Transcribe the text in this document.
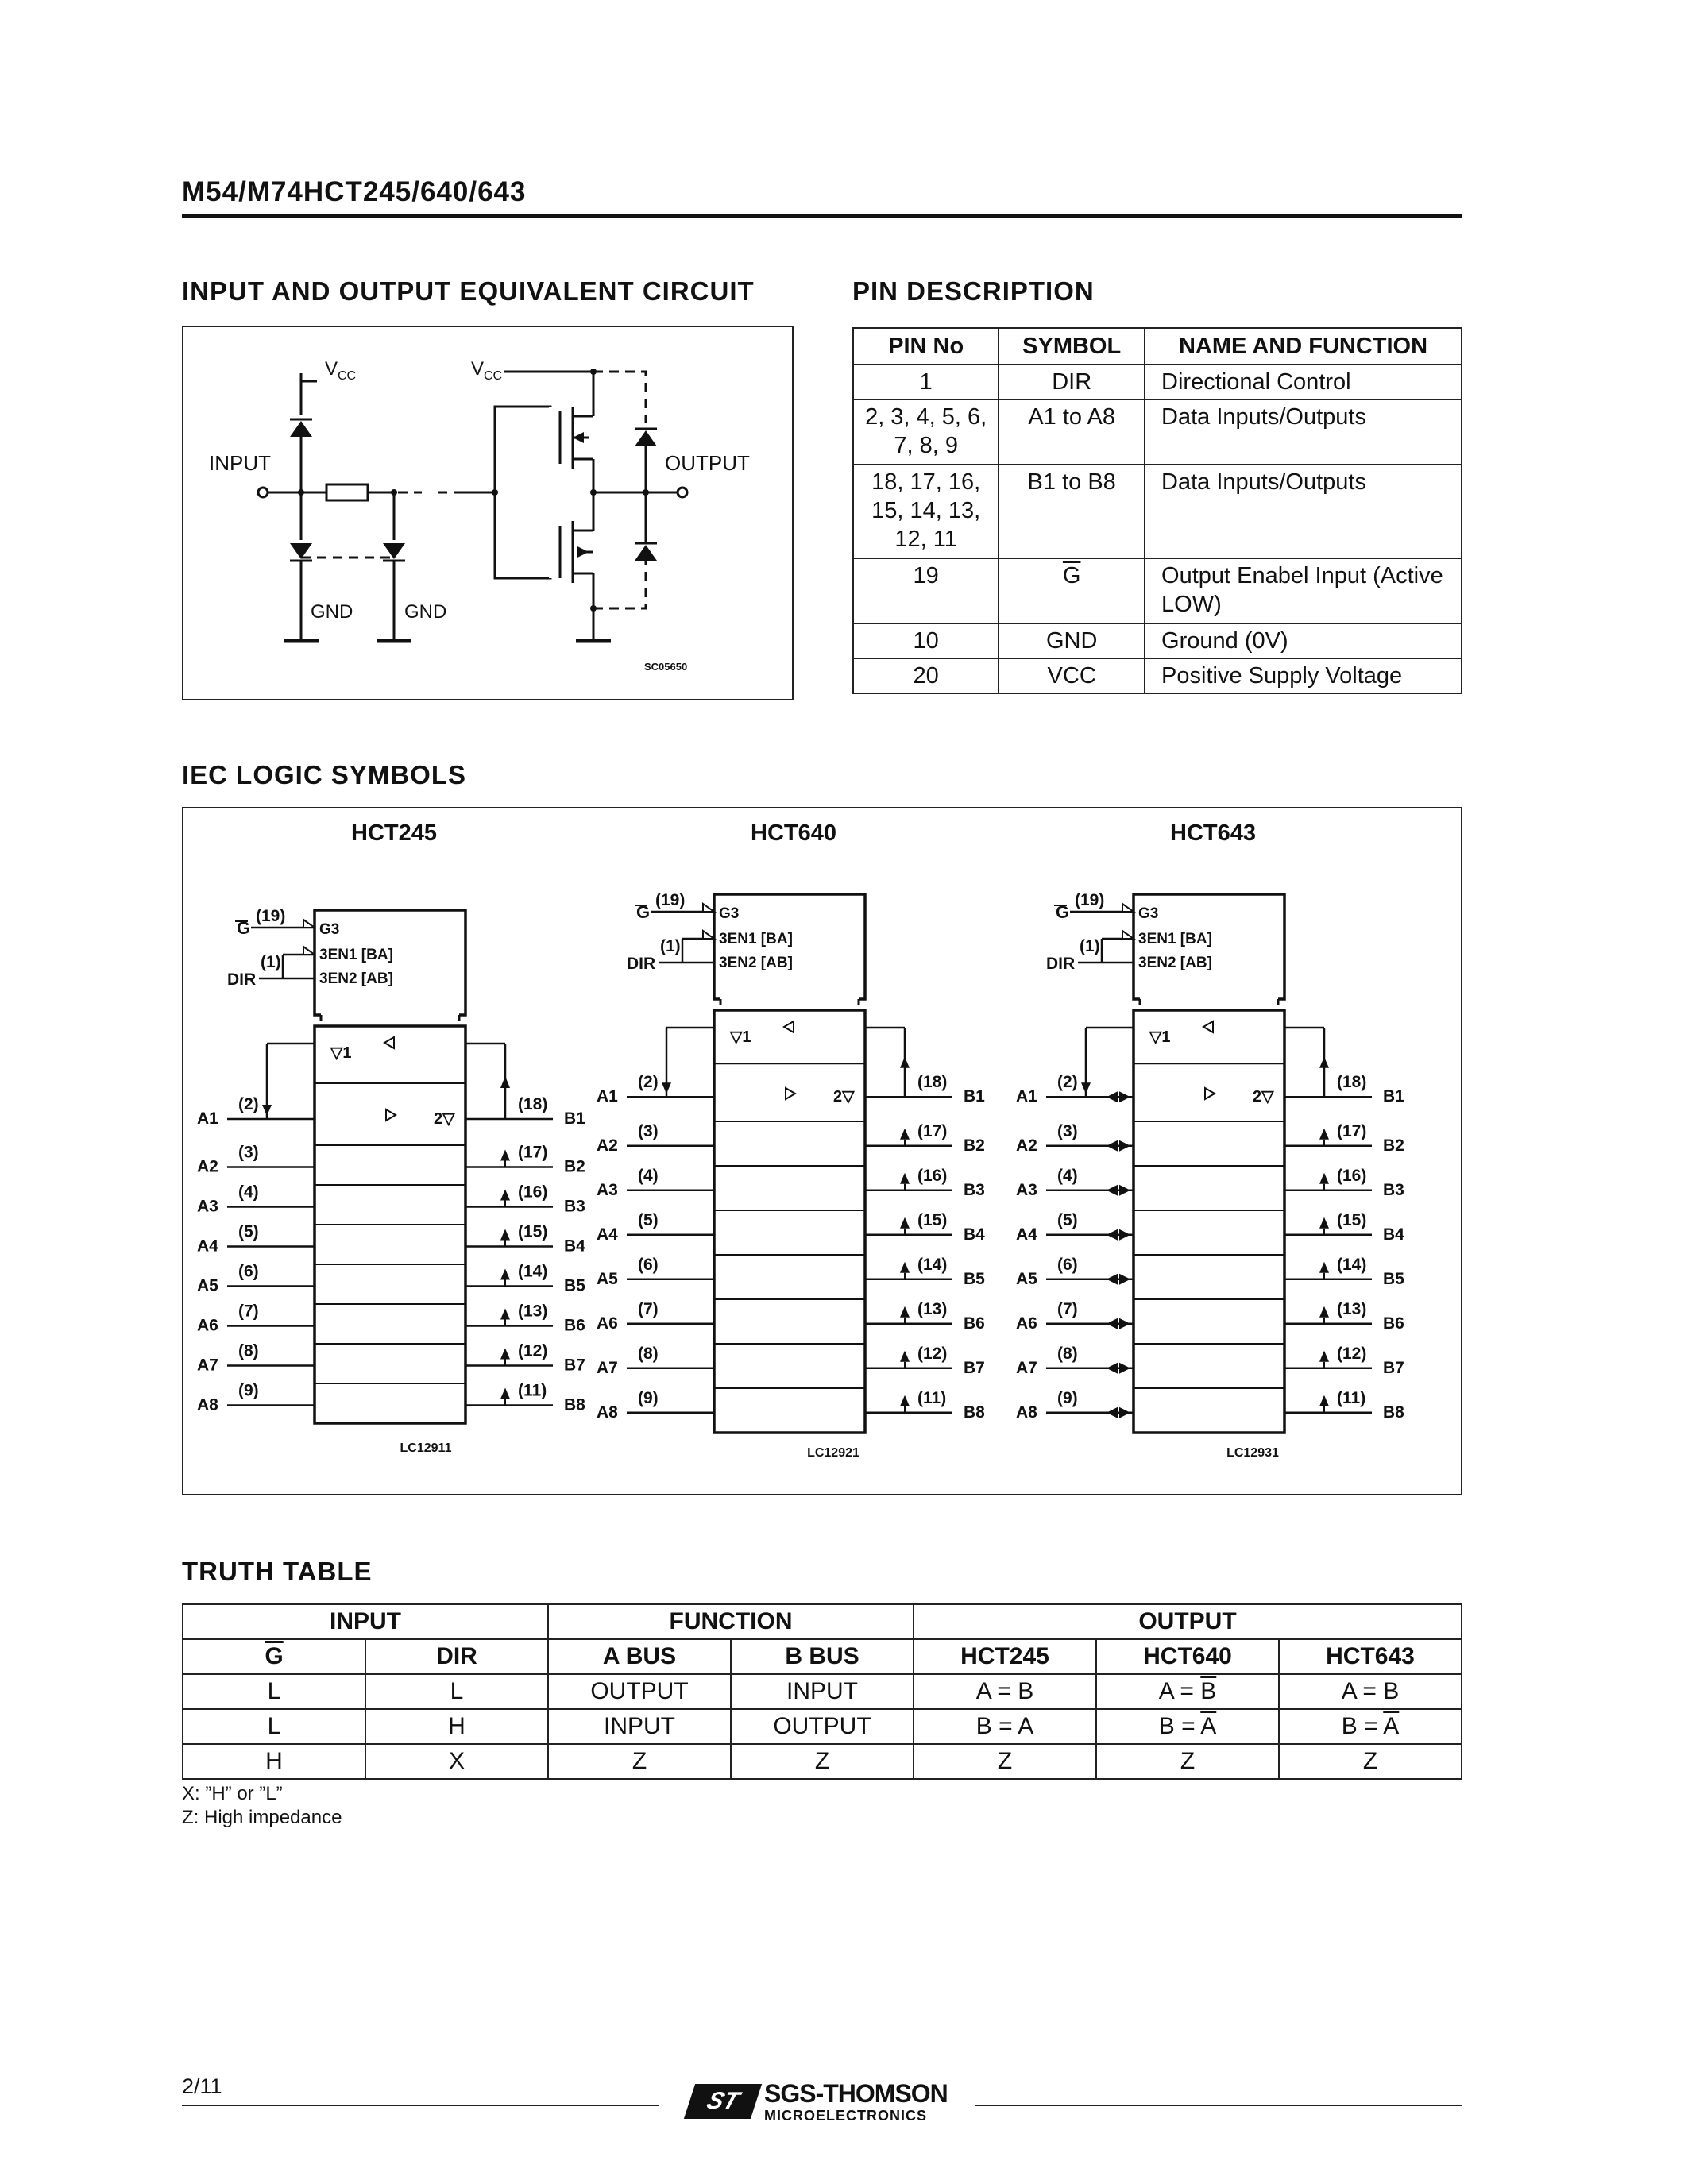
M54/M74HCT245/640/643
INPUT AND OUTPUT EQUIVALENT CIRCUIT	PIN DESCRIPTION
V CC
INPUT
GND	GND
V CC
OUTPUT
SC05650
PIN No	SYMBOL	NAME AND FUNCTION
1	DIR	Directional Control
2, 3, 4, 5, 6, 7, 8, 9	A1 to A8	Data Inputs/Outputs
18, 17, 16, 15, 14, 13, 12, 11	B1 to B8	Data Inputs/Outputs
19	$\overline{G}$	Output Enabel Input (Active LOW)
10	GND	Ground (0V)
20	VCC	Positive Supply Voltage
IEC LOGIC SYMBOLS
HCT245
G3
3EN1 [BA]
3EN2 [AB]
G
(19)
DIR
(1)
A1
(2)
B1
(18)
A2
(3)
B2
(17)
A3
(4)
B3
(16)
A4
(5)
B4
(15)
A5
(6)
B5
(14)
A6
(7)
B6
(13)
A7
(8)
B7
(12)
A8
(9)
B8
(11)
▽1
2▽
LC12911
HCT640
G3
3EN1 [BA]
3EN2 [AB]
G
(19)
DIR
(1)
A1
(2)
B1
(18)
A2
(3)
B2
(17)
A3
(4)
B3
(16)
A4
(5)
B4
(15)
A5
(6)
B5
(14)
A6
(7)
B6
(13)
A7
(8)
B7
(12)
A8
(9)
B8
(11)
▽1
2▽
LC12921
HCT643
G3
3EN1 [BA]
3EN2 [AB]
G
(19)
DIR
(1)
A1
(2)
B1
(18)
A2
(3)
B2
(17)
A3
(4)
B3
(16)
A4
(5)
B4
(15)
A5
(6)
B5
(14)
A6
(7)
B6
(13)
A7
(8)
B7
(12)
A8
(9)
B8
(11)
▽1
2▽
LC12931
TRUTH TABLE
INPUT		FUNCTION		OUTPUT		
$\overline{G}$	DIR	A BUS	B BUS	HCT245	HCT640	HCT643
L	L	OUTPUT	INPUT	A = B	$A = \overline{B}$	A = B
L	H	INPUT	OUTPUT	B = A	$B = \overline{A}$	$B = \overline{A}$
H	X	Z	Z	Z	Z	Z
X: ”H” or ”L”
Z: High impedance
2/11
ST SGS-THOMSON
MICROELECTRONICS
